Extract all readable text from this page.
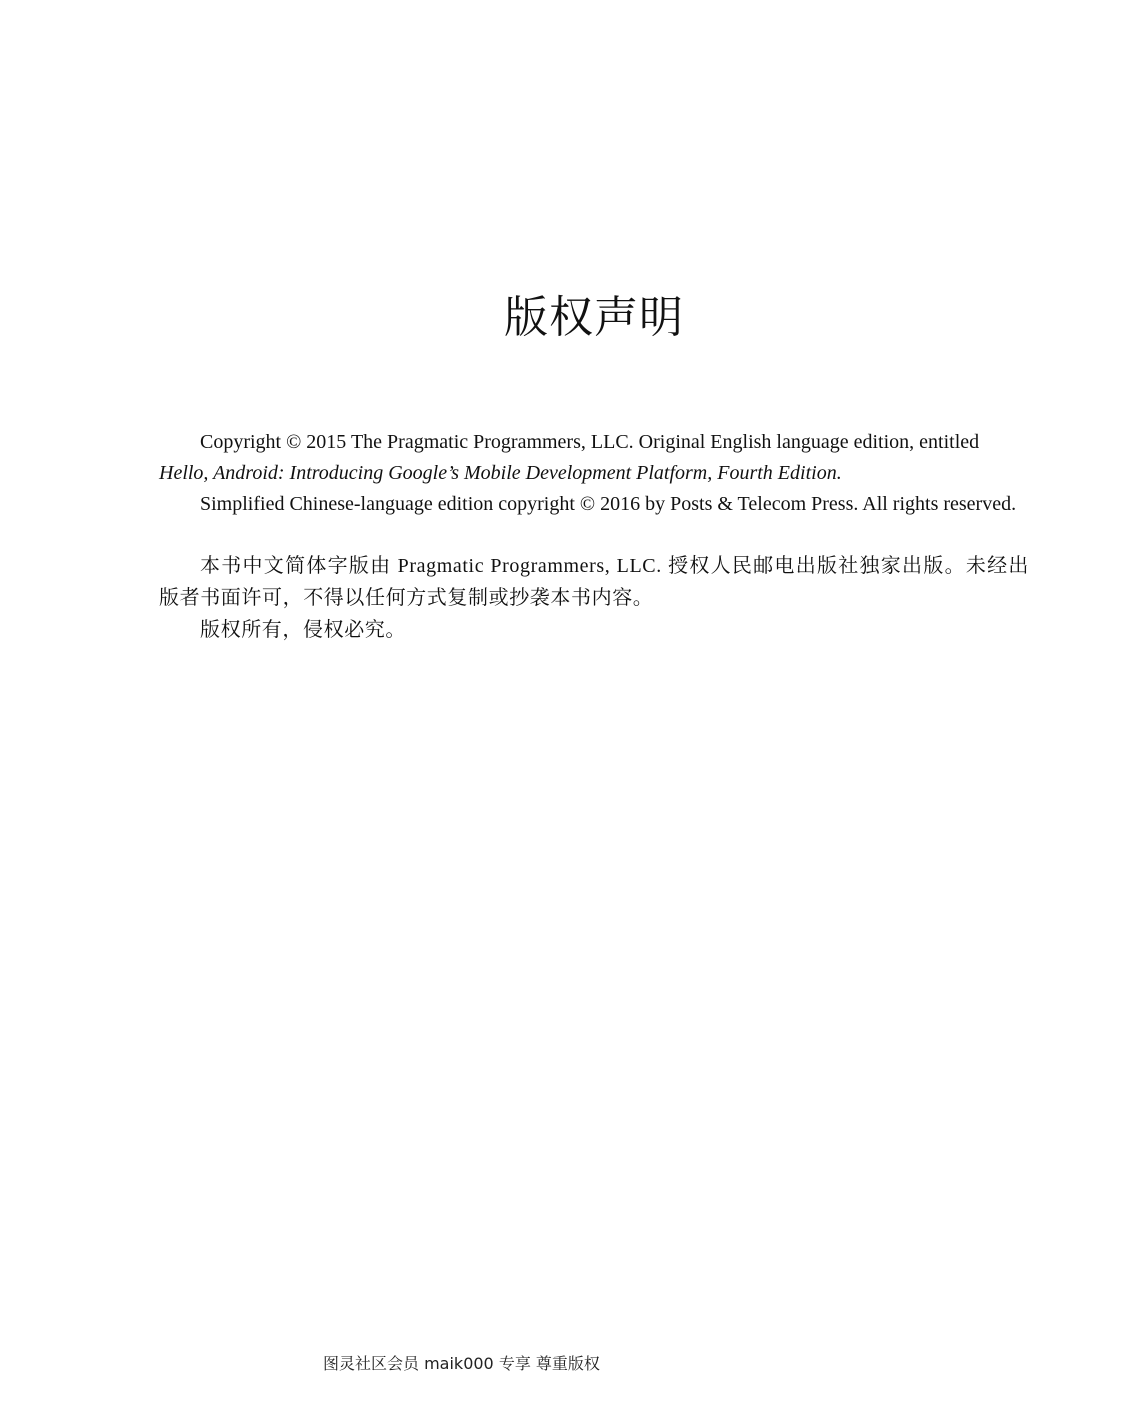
版权声明

Copyright © 2015 The Pragmatic Programmers, LLC. Original English language edition, entitled

Hello, Android: Introducing Google’s Mobile Development Platform, Fourth Edition.

Simplified Chinese-language edition copyright © 2016 by Posts & Telecom Press. All rights reserved.

本书中文简体字版由 Pragmatic Programmers, LLC. 授权人民邮电出版社独家出版。未经出版者书面许可，不得以任何方式复制或抄袭本书内容。

版权所有，侵权必究。

图灵社区会员 maik000 专享 尊重版权
